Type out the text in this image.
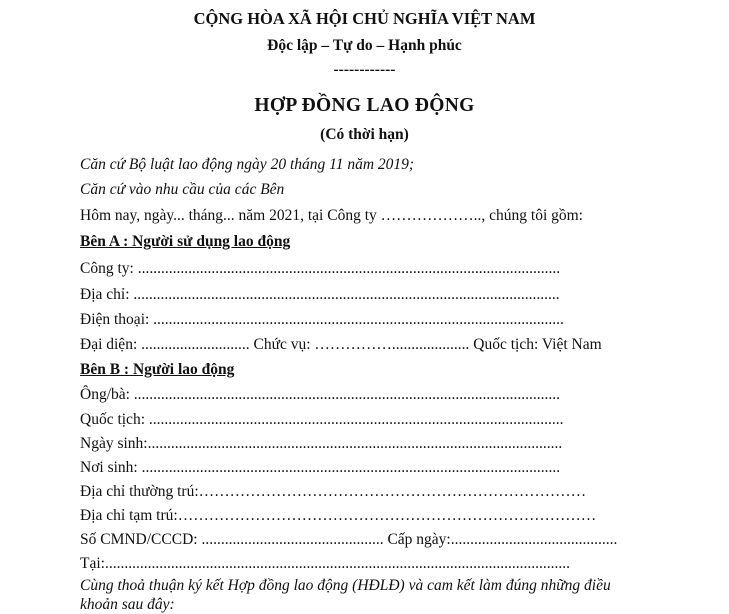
CỘNG HÒA XÃ HỘI CHỦ NGHĨA VIỆT NAM
Độc lập – Tự do – Hạnh phúc
------------
HỢP ĐỒNG LAO ĐỘNG
(Có thời hạn)
Căn cứ Bộ luật lao động ngày 20 tháng 11 năm 2019;
Căn cứ vào nhu cầu của các Bên
Hôm nay, ngày... tháng... năm 2021, tại Công ty ……………….., chúng tôi gồm:
Bên A : Người sử dụng lao động
Công ty: .............................................................................................................
Địa chỉ: ..............................................................................................................
Điện thoại: ..........................................................................................................
Đại diện: ............................ Chức vụ: …………….................... Quốc tịch: Việt Nam
Bên B : Người lao động
Ông/bà: ..............................................................................................................
Quốc tịch: ...........................................................................................................
Ngày sinh:...........................................................................................................
Nơi sinh: ............................................................................................................
Địa chỉ thường trú:…………………………………………………………………
Địa chỉ tạm trú:………………………………………………………………………
Số CMND/CCCD: ............................................... Cấp ngày:...........................................
Tại:........................................................................................................................
Cùng thoả thuận ký kết Hợp đồng lao động (HĐLĐ) và cam kết làm đúng những điều khoản sau đây:
